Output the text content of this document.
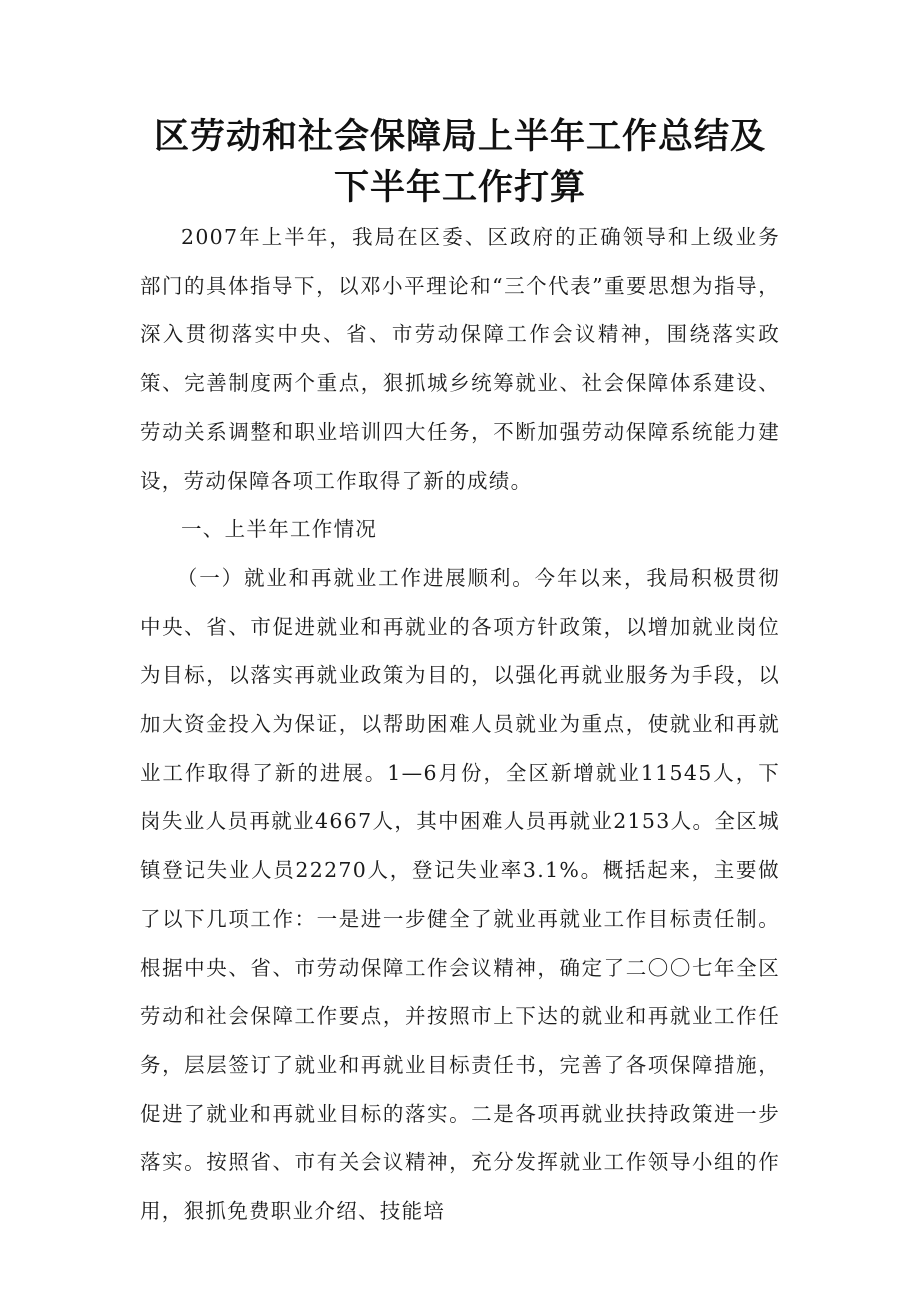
区劳动和社会保障局上半年工作总结及下半年工作打算

2007年上半年，我局在区委、区政府的正确领导和上级业务部门的具体指导下，以邓小平理论和“三个代表”重要思想为指导，深入贯彻落实中央、省、市劳动保障工作会议精神，围绕落实政策、完善制度两个重点，狠抓城乡统筹就业、社会保障体系建设、劳动关系调整和职业培训四大任务，不断加强劳动保障系统能力建设，劳动保障各项工作取得了新的成绩。

一、上半年工作情况

（一）就业和再就业工作进展顺利。今年以来，我局积极贯彻中央、省、市促进就业和再就业的各项方针政策，以增加就业岗位为目标，以落实再就业政策为目的，以强化再就业服务为手段，以加大资金投入为保证，以帮助困难人员就业为重点，使就业和再就业工作取得了新的进展。1—6月份，全区新增就业11545人，下岗失业人员再就业4667人，其中困难人员再就业2153人。全区城镇登记失业人员22270人，登记失业率3.1%。概括起来，主要做了以下几项工作：一是进一步健全了就业再就业工作目标责任制。根据中央、省、市劳动保障工作会议精神，确定了二〇〇七年全区劳动和社会保障工作要点，并按照市上下达的就业和再就业工作任务，层层签订了就业和再就业目标责任书，完善了各项保障措施，促进了就业和再就业目标的落实。二是各项再就业扶持政策进一步落实。按照省、市有关会议精神，充分发挥就业工作领导小组的作用，狠抓免费职业介绍、技能培
